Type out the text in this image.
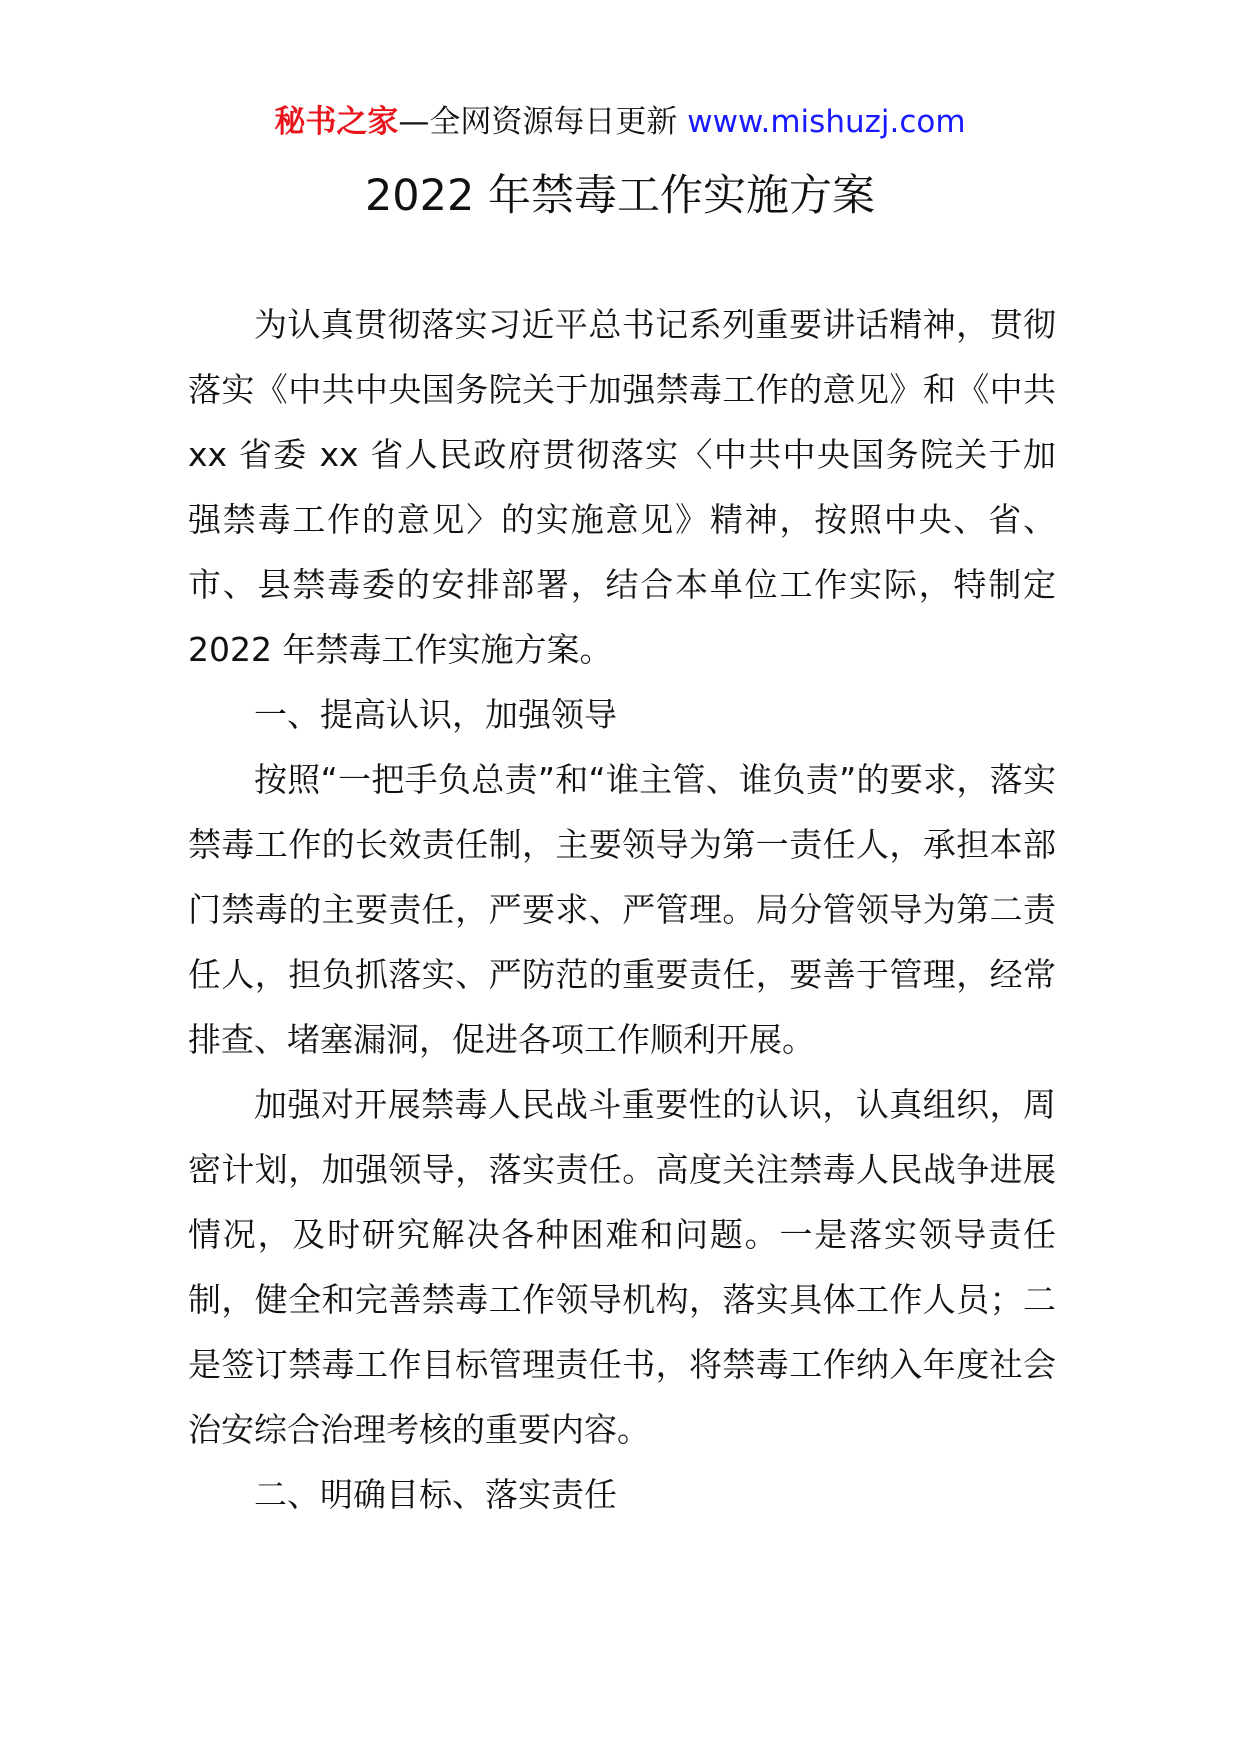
秘书之家—全网资源每日更新 www.mishuzj.com
2022 年禁毒工作实施方案

为认真贯彻落实习近平总书记系列重要讲话精神，贯彻落实《中共中央国务院关于加强禁毒工作的意见》和《中共 xx 省委 xx 省人民政府贯彻落实〈中共中央国务院关于加强禁毒工作的意见〉的实施意见》精神，按照中央、省、市、县禁毒委的安排部署，结合本单位工作实际，特制定 2022 年禁毒工作实施方案。

一、提高认识，加强领导

按照“一把手负总责”和“谁主管、谁负责”的要求，落实禁毒工作的长效责任制，主要领导为第一责任人，承担本部门禁毒的主要责任，严要求、严管理。局分管领导为第二责任人，担负抓落实、严防范的重要责任，要善于管理，经常排查、堵塞漏洞，促进各项工作顺利开展。

加强对开展禁毒人民战斗重要性的认识，认真组织，周密计划，加强领导，落实责任。高度关注禁毒人民战争进展情况，及时研究解决各种困难和问题。一是落实领导责任制，健全和完善禁毒工作领导机构，落实具体工作人员；二是签订禁毒工作目标管理责任书，将禁毒工作纳入年度社会治安综合治理考核的重要内容。

二、明确目标、落实责任
